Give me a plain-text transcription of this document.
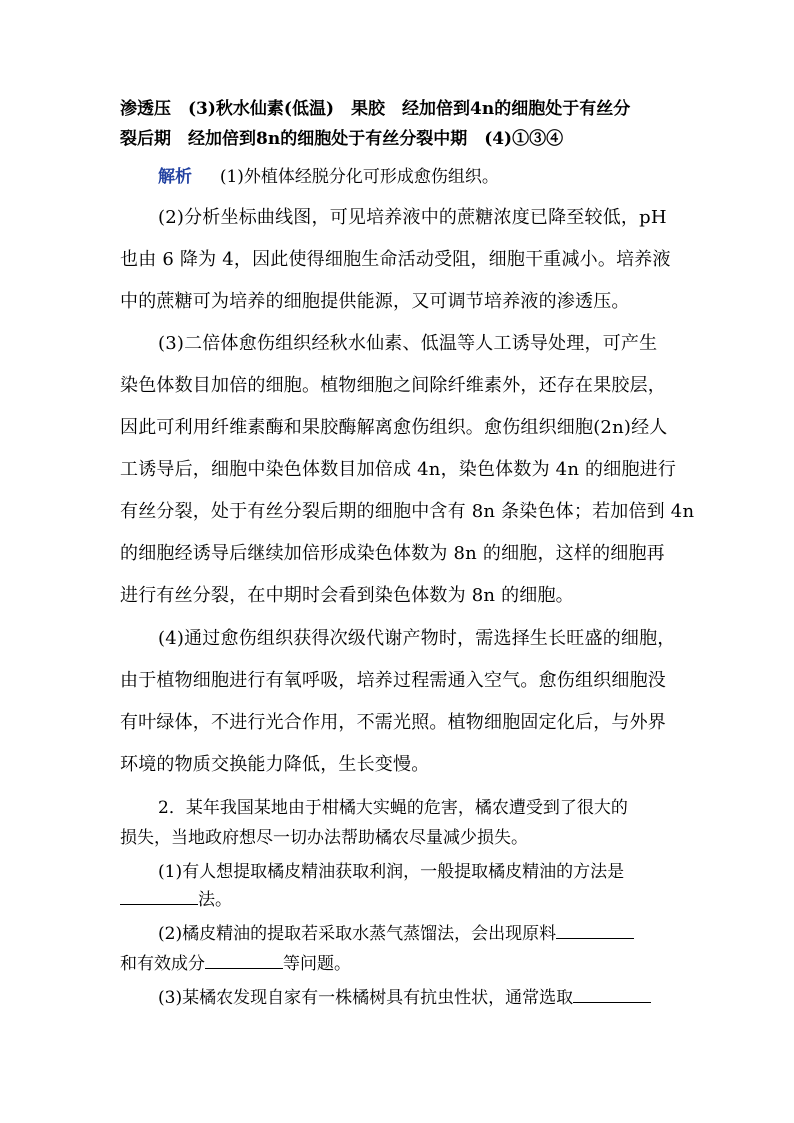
渗透压　(3)秋水仙素(低温)　果胶　经加倍到4n的细胞处于有丝分
裂后期　经加倍到8n的细胞处于有丝分裂中期　(4)①③④
解析   (1)外植体经脱分化可形成愈伤组织。
(2)分析坐标曲线图，可见培养液中的蔗糖浓度已降至较低，pH
也由 6 降为 4，因此使得细胞生命活动受阻，细胞干重减小。培养液
中的蔗糖可为培养的细胞提供能源，又可调节培养液的渗透压。
(3)二倍体愈伤组织经秋水仙素、低温等人工诱导处理，可产生
染色体数目加倍的细胞。植物细胞之间除纤维素外，还存在果胶层，
因此可利用纤维素酶和果胶酶解离愈伤组织。愈伤组织细胞(2n)经人
工诱导后，细胞中染色体数目加倍成 4n，染色体数为 4n 的细胞进行
有丝分裂，处于有丝分裂后期的细胞中含有 8n 条染色体；若加倍到 4n
的细胞经诱导后继续加倍形成染色体数为 8n 的细胞，这样的细胞再
进行有丝分裂，在中期时会看到染色体数为 8n 的细胞。
(4)通过愈伤组织获得次级代谢产物时，需选择生长旺盛的细胞，
由于植物细胞进行有氧呼吸，培养过程需通入空气。愈伤组织细胞没
有叶绿体，不进行光合作用，不需光照。植物细胞固定化后，与外界
环境的物质交换能力降低，生长变慢。
2．某年我国某地由于柑橘大实蝇的危害，橘农遭受到了很大的
损失，当地政府想尽一切办法帮助橘农尽量减少损失。
(1)有人想提取橘皮精油获取利润，一般提取橘皮精油的方法是
法。
(2)橘皮精油的提取若采取水蒸气蒸馏法，会出现原料
和有效成分	等问题。
(3)某橘农发现自家有一株橘树具有抗虫性状，通常选取
